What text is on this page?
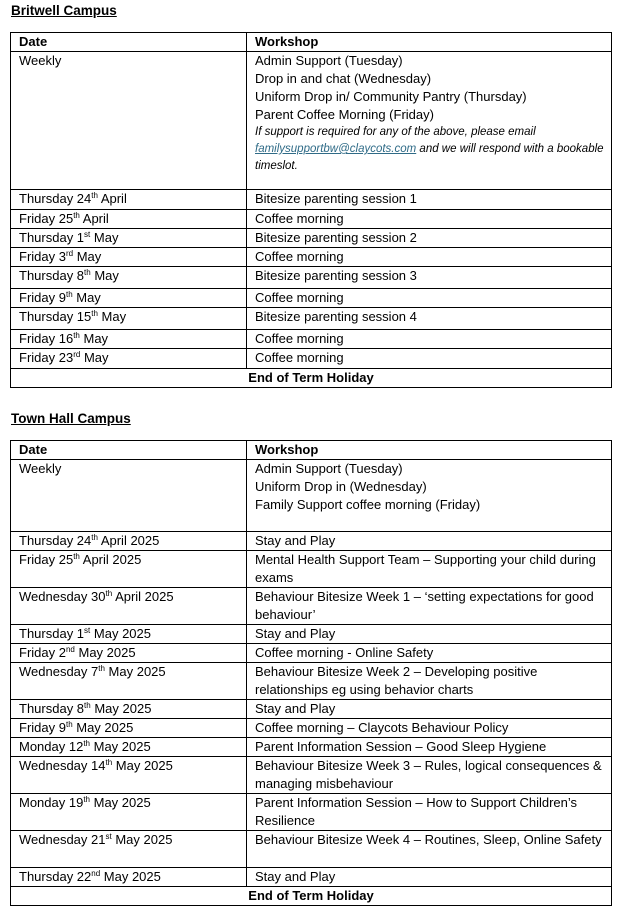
Britwell Campus
Date	Workshop
Weekly	Admin Support (Tuesday)
Drop in and chat (Wednesday)
Uniform Drop in/ Community Pantry (Thursday)
Parent Coffee Morning (Friday)
If support is required for any of the above, please email familysupportbw@claycots.com and we will respond with a bookable timeslot.

Thursday 24th April	Bitesize parenting session 1
Friday 25th April	Coffee morning
Thursday 1st May	Bitesize parenting session 2
Friday 3rd May	Coffee morning
Thursday 8th May	Bitesize parenting session 3
Friday 9th May	Coffee morning
Thursday 15th May	Bitesize parenting session 4
Friday 16th May	Coffee morning
Friday 23rd May	Coffee morning
End of Term Holiday	
Town Hall Campus
Date	Workshop
Weekly	Admin Support (Tuesday)
Uniform Drop in (Wednesday)
Family Support coffee morning (Friday)

Thursday 24th April 2025	Stay and Play
Friday 25th April 2025	Mental Health Support Team – Supporting your child during exams
Wednesday 30th April 2025	Behaviour Bitesize Week 1 – ‘setting expectations for good behaviour’
Thursday 1st May 2025	Stay and Play
Friday 2nd May 2025	Coffee morning - Online Safety
Wednesday 7th May 2025	Behaviour Bitesize Week 2 – Developing positive relationships eg using behavior charts
Thursday 8th May 2025	Stay and Play
Friday 9th May 2025	Coffee morning – Claycots Behaviour Policy
Monday 12th May 2025	Parent Information Session – Good Sleep Hygiene
Wednesday 14th May 2025	Behaviour Bitesize Week 3 – Rules, logical consequences & managing misbehaviour
Monday 19th May 2025	Parent Information Session – How to Support Children’s Resilience
Wednesday 21st May 2025	Behaviour Bitesize Week 4 – Routines, Sleep, Online Safety
Thursday 22nd May 2025	Stay and Play
End of Term Holiday	
